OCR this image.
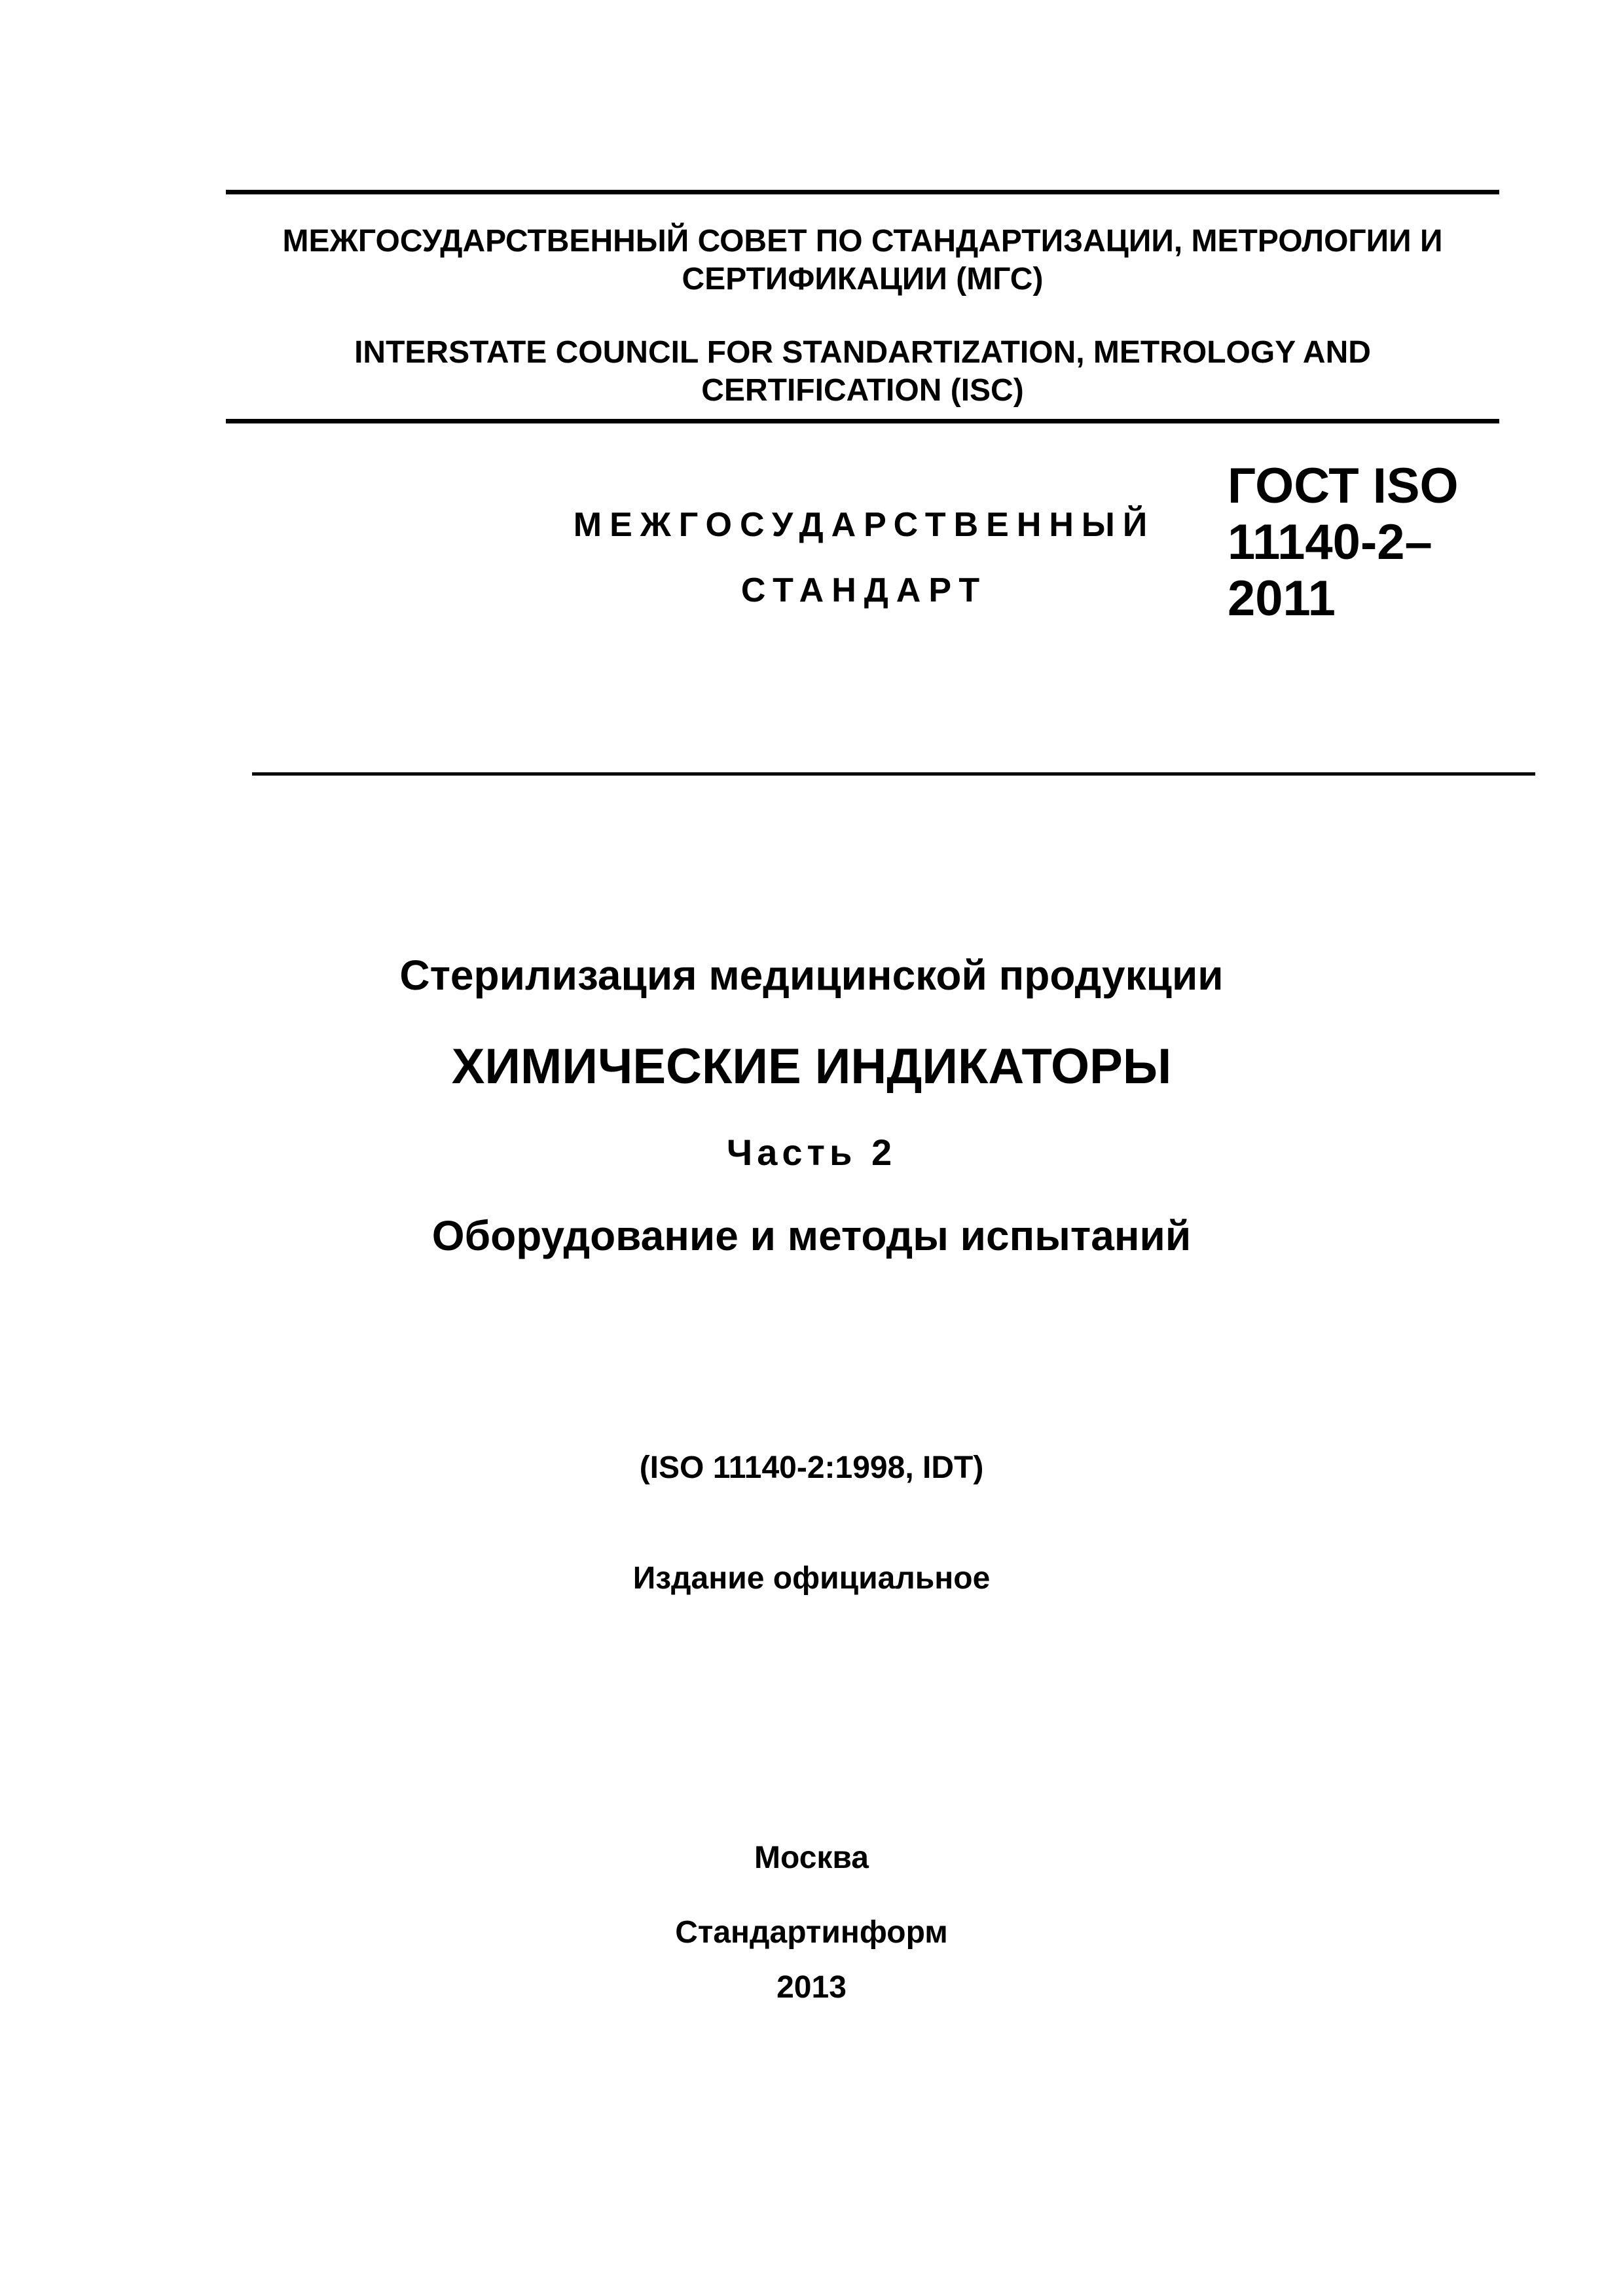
МЕЖГОСУДАРСТВЕННЫЙ СОВЕТ ПО СТАНДАРТИЗАЦИИ, МЕТРОЛОГИИ И
СЕРТИФИКАЦИИ (МГС)
INTERSTATE COUNCIL FOR STANDARTIZATION, METROLOGY AND
CERTIFICATION (ISC)
МЕЖГОСУДАРСТВЕННЫЙ
СТАНДАРТ
ГОСТ ISO
11140-2–
2011
Стерилизация медицинской продукции
ХИМИЧЕСКИЕ ИНДИКАТОРЫ
Часть 2
Оборудование и методы испытаний
(ISO 11140-2:1998, IDT)
Издание официальное
Москва
Стандартинформ
2013
